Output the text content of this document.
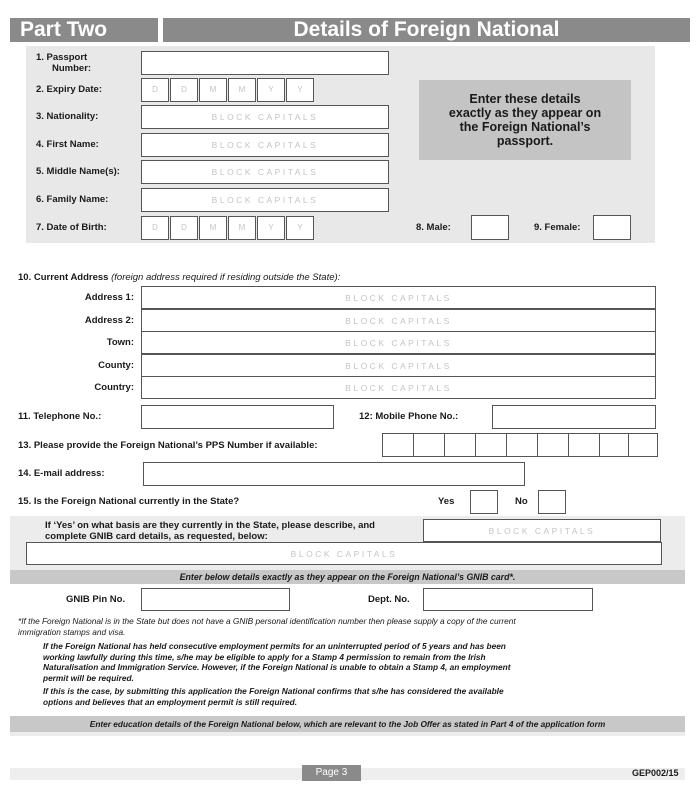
Part Two	Details of Foreign National
1. Passport
Number:
2. Expiry Date:	D	D	M	M	Y	Y
3. Nationality:	BLOCK CAPITALS
4. First Name:	BLOCK CAPITALS
5. Middle Name(s):	BLOCK CAPITALS
6. Family Name:	BLOCK CAPITALS
7. Date of Birth:	D	D	M	M	Y	Y	8. Male:	9. Female:
Enter these details
exactly as they appear on
the Foreign National’s
passport.
10. Current Address (foreign address required if residing outside the State):
Address 1:	BLOCK CAPITALS
Address 2:	BLOCK CAPITALS
Town:	BLOCK CAPITALS
County:	BLOCK CAPITALS
Country:	BLOCK CAPITALS
11. Telephone No.:	12: Mobile Phone No.:
13. Please provide the Foreign National’s PPS Number if available:
14. E-mail address:
15. Is the Foreign National currently in the State?	Yes	No
If ‘Yes’ on what basis are they currently in the State, please describe, and
complete GNIB card details, as requested, below:	BLOCK CAPITALS
BLOCK CAPITALS
Enter below details exactly as they appear on the Foreign National’s GNIB card*.
GNIB Pin No.	Dept. No.
*If the Foreign National is in the State but does not have a GNIB personal identification number then please supply a copy of the current
immigration stamps and visa.
If the Foreign National has held consecutive employment permits for an uninterrupted period of 5 years and has been
working lawfully during this time, s/he may be eligible to apply for a Stamp 4 permission to remain from the Irish
Naturalisation and Immigration Service. However, if the Foreign National is unable to obtain a Stamp 4, an employment
permit will be required.
If this is the case, by submitting this application the Foreign National confirms that s/he has considered the available
options and believes that an employment permit is still required.
Enter education details of the Foreign National below, which are relevant to the Job Offer as stated in Part 4 of the application form
Page 3	GEP002/15
